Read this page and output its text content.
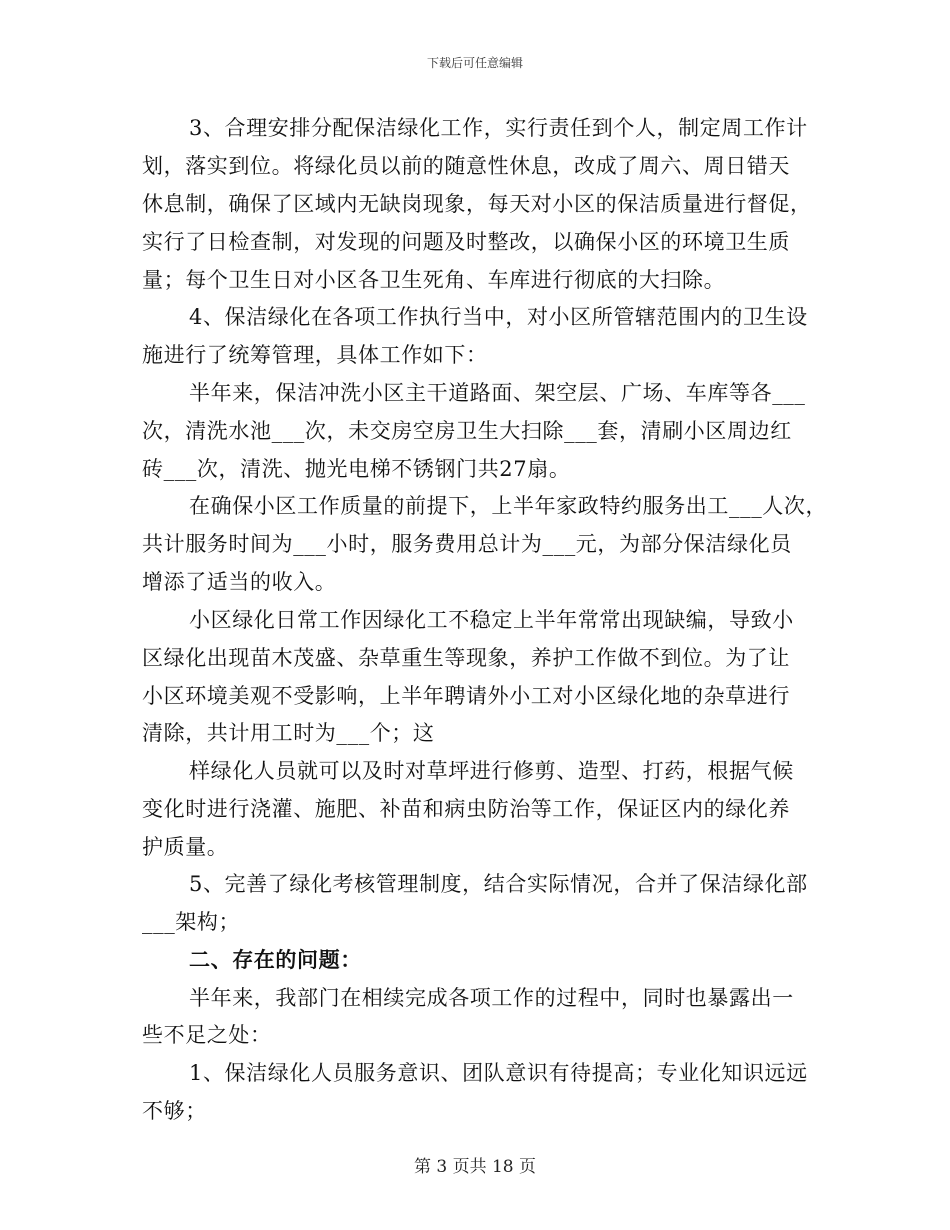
下载后可任意编辑
3、合理安排分配保洁绿化工作，实行责任到个人，制定周工作计
划，落实到位。将绿化员以前的随意性休息，改成了周六、周日错天
休息制，确保了区域内无缺岗现象，每天对小区的保洁质量进行督促，
实行了日检查制，对发现的问题及时整改，以确保小区的环境卫生质
量；每个卫生日对小区各卫生死角、车库进行彻底的大扫除。
4、保洁绿化在各项工作执行当中，对小区所管辖范围内的卫生设
施进行了统筹管理，具体工作如下：
半年来，保洁冲洗小区主干道路面、架空层、广场、车库等各___
次，清洗水池___次，未交房空房卫生大扫除___套，清刷小区周边红
砖___次，清洗、抛光电梯不锈钢门共27扇。
在确保小区工作质量的前提下，上半年家政特约服务出工___人次，
共计服务时间为___小时，服务费用总计为___元，为部分保洁绿化员
增添了适当的收入。
小区绿化日常工作因绿化工不稳定上半年常常出现缺编，导致小
区绿化出现苗木茂盛、杂草重生等现象，养护工作做不到位。为了让
小区环境美观不受影响，上半年聘请外小工对小区绿化地的杂草进行
清除，共计用工时为___个；这
样绿化人员就可以及时对草坪进行修剪、造型、打药，根据气候
变化时进行浇灌、施肥、补苗和病虫防治等工作，保证区内的绿化养
护质量。
5、完善了绿化考核管理制度，结合实际情况，合并了保洁绿化部
___架构；
二、存在的问题：
半年来，我部门在相续完成各项工作的过程中，同时也暴露出一
些不足之处：
1、保洁绿化人员服务意识、团队意识有待提高；专业化知识远远
不够；
第 3 页共 18 页
